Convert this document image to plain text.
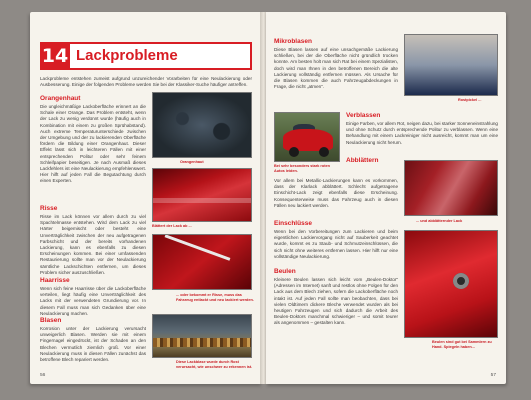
14 Lackprobleme
Lackprobleme entstehen zumeist aufgrund unzureichender Vorarbeiten für eine Neulackierung oder Ausbesserung. Einige der folgenden Probleme werden Sie bei der Klassiker-Suche häufiger antreffen.
Orangenhaut
Die ungleichmäßige Lackoberfläche erinnert an die Schale einer Orange. Das Problem entsteht, wenn der Lack zu wenig verdünnt wurde (häufig auch in Kombination mit einem zu großen Sprühabstand). Auch extreme Temperaturunterschiede zwischen der Umgebung und der zu lackierenden Oberfläche fördern die Bildung einer Orangenhaut. Dieser Effekt lässt sich in leichteren Fällen mit einer entsprechenden Politur oder sehr feinem Schleifpapier beseitigen. Je nach Ausmaß dieses Lackfehlers ist eine Neulackierung empfehlenswert. Hier hilft auf jeden Fall die Begutachtung durch einen Experten.
Risse
Risse im Lack können vor allem durch zu viel Spachtelmasse entstehen. Wird dem Lack zu viel Härter beigemischt oder besteht eine Unverträglichkeit zwischen der neu aufgetragenen Farbschicht und der bereits vorhandenen Lackierung, kann es ebenfalls zu diesen Erscheinungen kommen. Bei einer umfassenden Restaurierung sollte man vor der Neulackierung sämtliche Lackschichten entfernen, um dieses Problem sicher auszuschließen.
Haarrisse
Wenn sich feine Haarrisse über die Lackoberfläche verteilen, liegt häufig eine Unverträglichkeit des Lacks mit der verwendeten Grundierung vor. In diesem Fall muss man sich Gedanken über eine Neulackierung machen.
Blasen
Korrosion unter der Lackierung verursacht unweigerlich Blasen. Werden sie mit einem Fingernagel eingedrückt, ist der Schaden an den Blechen vermutlich ziemlich groß. Vor einer Neulackierung muss in diesen Fällen zunächst das betroffene Blech repariert werden.
Orangenhaut
Blättert der Lack ab ...
... oder bekommt er Risse, muss das Fahrzeug entlackt und neu lackiert werden.
Diese Lackblase wurde durch Rost verursacht, wie unschwer zu erkennen ist.
56
Mikroblasen
Diese Blasen lassen auf eine unsachgemäße Lackierung schließen, bei der die Oberfläche nicht gründlich trocken konnte. Am besten holt man sich Rat bei einem Spezialisten, doch wird man Ihnen in den betroffenen Bereich die alte Lackierung vollständig entfernen müssen. Als Ursache für die Blasen kommen die auch Fahrzeugabdeckungen in Frage, die nicht „atmen“.
Rostpickel ...
Bei sehr besonders stark roten Autos leiden.
Verblassen
Einige Farben, vor allem Rot, neigen dazu, bei starker Sonneneinstrahlung und ohne Schutz durch entsprechende Politur zu verblassen. Wenn eine Behandlung mit einem Lackreiniger nicht ausreicht, kommt man um eine Neulackierung nicht herum.
Abblättern
Vor allem bei Metallic-Lackierungen kann es vorkommen, dass der Klarlack abblättert. Schlecht aufgetragene Einschicht-Lack zeigt ebenfalls diese Erscheinung. Konsequenterweise muss das Fahrzeug auch in diesen Fällen neu lackiert werden.
... und abblätternder Lack
Einschlüsse
Wenn bei den Vorbereitungen zum Lackieren und beim eigentlichen Lackiervorgang nicht auf Sauberkeit geachtet wurde, kommt es zu Staub- und Schmutzeinschlüssen, die sich nicht ohne weiteres entfernen lassen. Hier hilft nur eine vollständige Neulackierung.
Beulen
Kleinere Beulen lassen sich leicht vom „Beulen-Doktor“ (Adressen im Internet) sanft und restlos ohne Folgen für den Lack aus dem Blech ziehen, sofern die Lackoberfläche noch intakt ist. Auf jeden Fall sollte man beobachten, dass bei vielen Oldtimern dickere Bleche verwendet wurden als bei heutigen Fahrzeugen und sich dadurch die Arbeit des Beulen-Doktors manchmal schwieriger – und somit teurer als angenommen – gestalten kann.
Beulen sind gut bei Sammlern zu Hand. Spiegeln haben...
57
